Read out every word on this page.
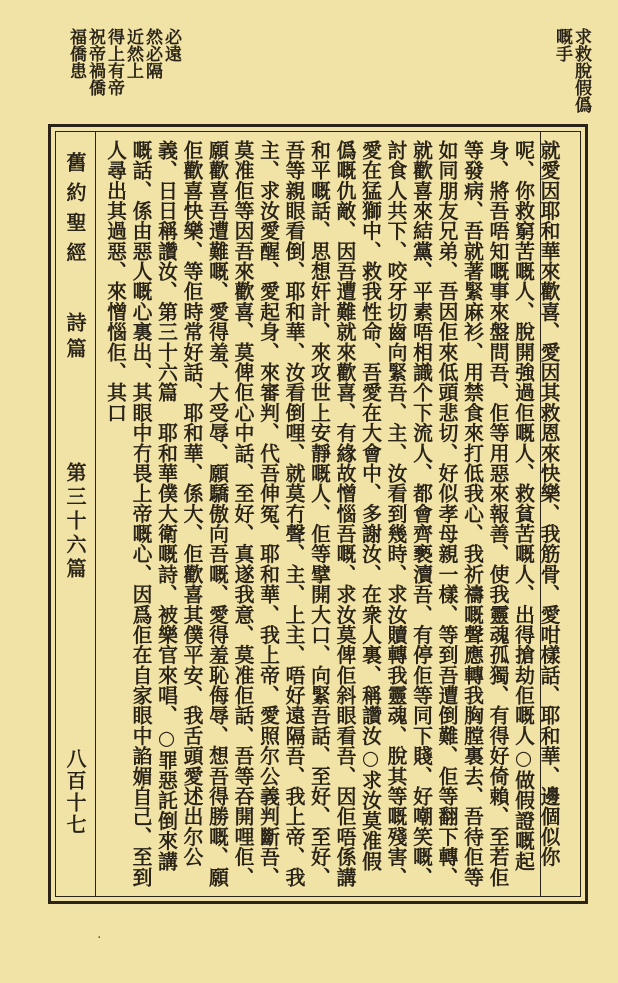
求救脫假僞
嘅手
必遠
然必隔
近然上
得上有帝
祝帝禍僑
福僑患
舊約聖經
詩篇
第三十六篇
八百十七	就愛因耶和華來歡喜、愛因其救恩來快樂、我筋骨、愛咁樣話、耶和華、邊個似你呢、你救窮苦嘅人、脫開強過佢嘅人、救貧苦嘅人、出得搶劫佢嘅人○做假證嘅起身、將吾唔知嘅事來盤問吾、佢等用惡來報善、使我靈魂孤獨、有得好倚賴、至若佢等發病、吾就著緊麻衫、用禁食來打低我心、我祈禱嘅聲應轉我胸膛裏去、吾待佢等如同朋友兄弟、吾因佢來低頭悲切、好似孝母親一樣、等到吾遭倒難、佢等翻下轉、就歡喜來結黨、平素唔相識个下流人、都會齊褻瀆吾、有停佢等同下賤、好嘲笑嘅、討食人共下、咬牙切齒向緊吾、主、汝看到幾時、求汝贖轉我靈魂、脫其等嘅殘害、愛在猛獅中、救我性命、吾愛在大會中、多謝汝、在衆人裏、稱讚汝○求汝莫准假僞嘅仇敵、因吾遭難就來歡喜、有緣故憎惱吾嘅、求汝莫俾佢斜眼看吾、因佢唔係講和平嘅話、思想奸計、來攻世上安靜嘅人、佢等擘開大口、向緊吾話、至好、至好、吾等親眼看倒、耶和華、汝看倒哩、就莫冇聲、主、上主、唔好遠隔吾、我上帝、我主、求汝愛醒、愛起身、來審判、代吾伸冤、耶和華、我上帝、愛照尔公義判斷吾、莫准佢等因吾來歡喜、莫俾佢心中話、至好、真遂我意、莫准佢話、吾等吞開哩佢、願歡喜吾遭難嘅、愛得羞、大受辱、願驕傲向吾嘅、愛得羞恥侮辱、想吾得勝嘅、願佢歡喜快樂、等佢時常好話、耶和華、係大、佢歡喜其僕平安、我舌頭愛述出尔公義、日日稱讚汝、第三十六篇　耶和華僕大衛嘅詩、被樂官來唱、○罪惡託倒來講嘅話、係由惡人嘅心裏出、其眼中冇畏上帝嘅心、因爲佢在自家眼中諂媚自己、至到人尋出其過惡、來憎惱佢、其口
·
